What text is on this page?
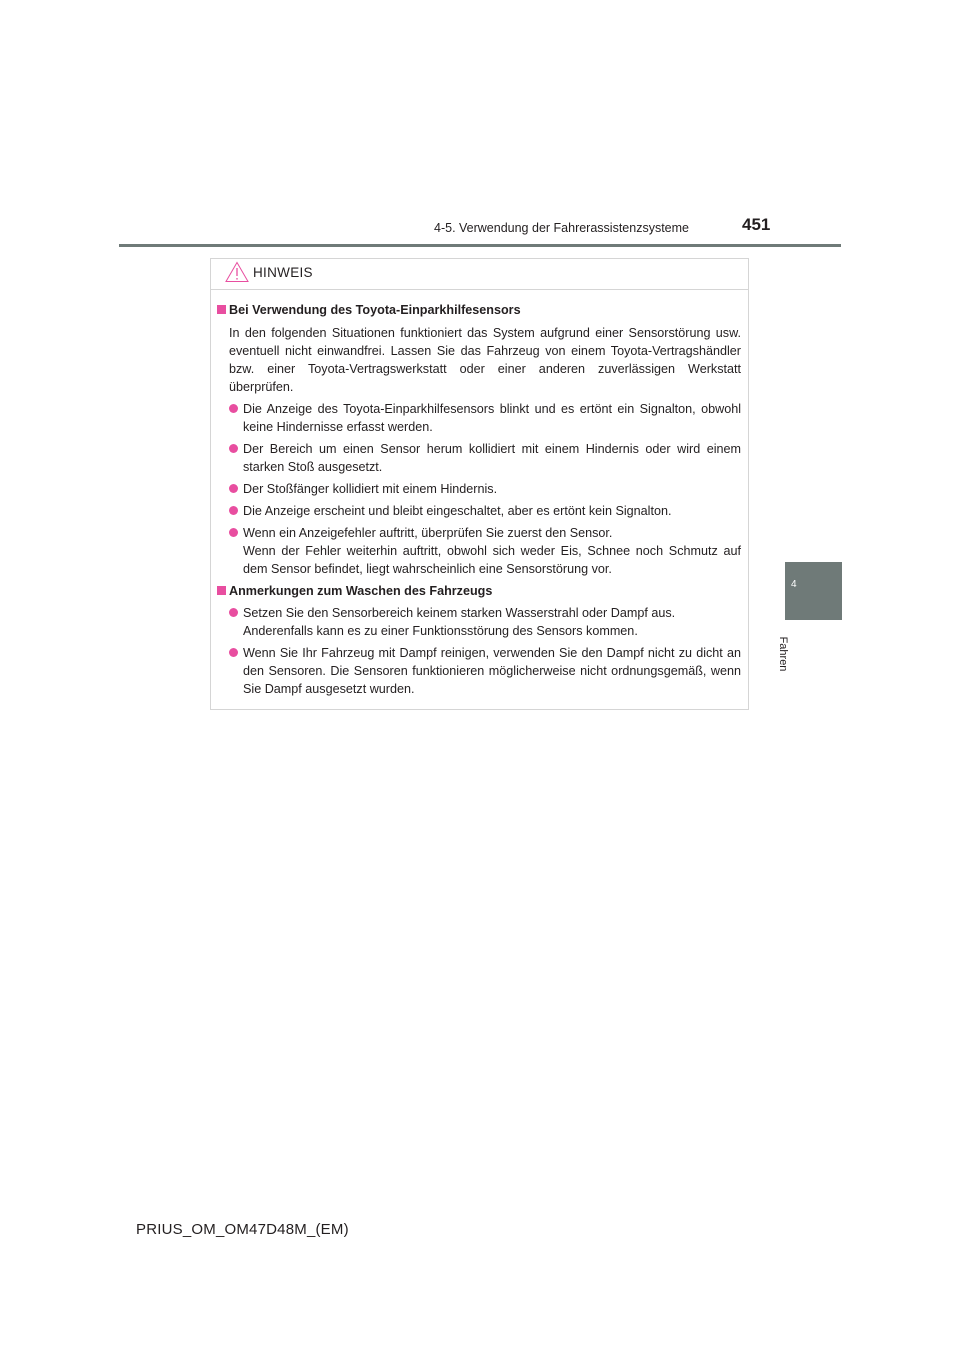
4-5. Verwendung der Fahrerassistenzsysteme	451
4
Fahren
HINWEIS
Bei Verwendung des Toyota-Einparkhilfesensors
In den folgenden Situationen funktioniert das System aufgrund einer Sensorstörung usw. eventuell nicht einwandfrei. Lassen Sie das Fahrzeug von einem Toyota-Vertragshändler bzw. einer Toyota-Vertragswerkstatt oder einer anderen zuverlässigen Werkstatt überprüfen.
Die Anzeige des Toyota-Einparkhilfesensors blinkt und es ertönt ein Signalton, obwohl keine Hindernisse erfasst werden.
Der Bereich um einen Sensor herum kollidiert mit einem Hindernis oder wird einem starken Stoß ausgesetzt.
Der Stoßfänger kollidiert mit einem Hindernis.
Die Anzeige erscheint und bleibt eingeschaltet, aber es ertönt kein Signalton.
Wenn ein Anzeigefehler auftritt, überprüfen Sie zuerst den Sensor.
Wenn der Fehler weiterhin auftritt, obwohl sich weder Eis, Schnee noch Schmutz auf dem Sensor befindet, liegt wahrscheinlich eine Sensorstörung vor.
Anmerkungen zum Waschen des Fahrzeugs
Setzen Sie den Sensorbereich keinem starken Wasserstrahl oder Dampf aus.
Anderenfalls kann es zu einer Funktionsstörung des Sensors kommen.
Wenn Sie Ihr Fahrzeug mit Dampf reinigen, verwenden Sie den Dampf nicht zu dicht an den Sensoren. Die Sensoren funktionieren möglicherweise nicht ordnungsgemäß, wenn Sie Dampf ausgesetzt wurden.
PRIUS_OM_OM47D48M_(EM)
